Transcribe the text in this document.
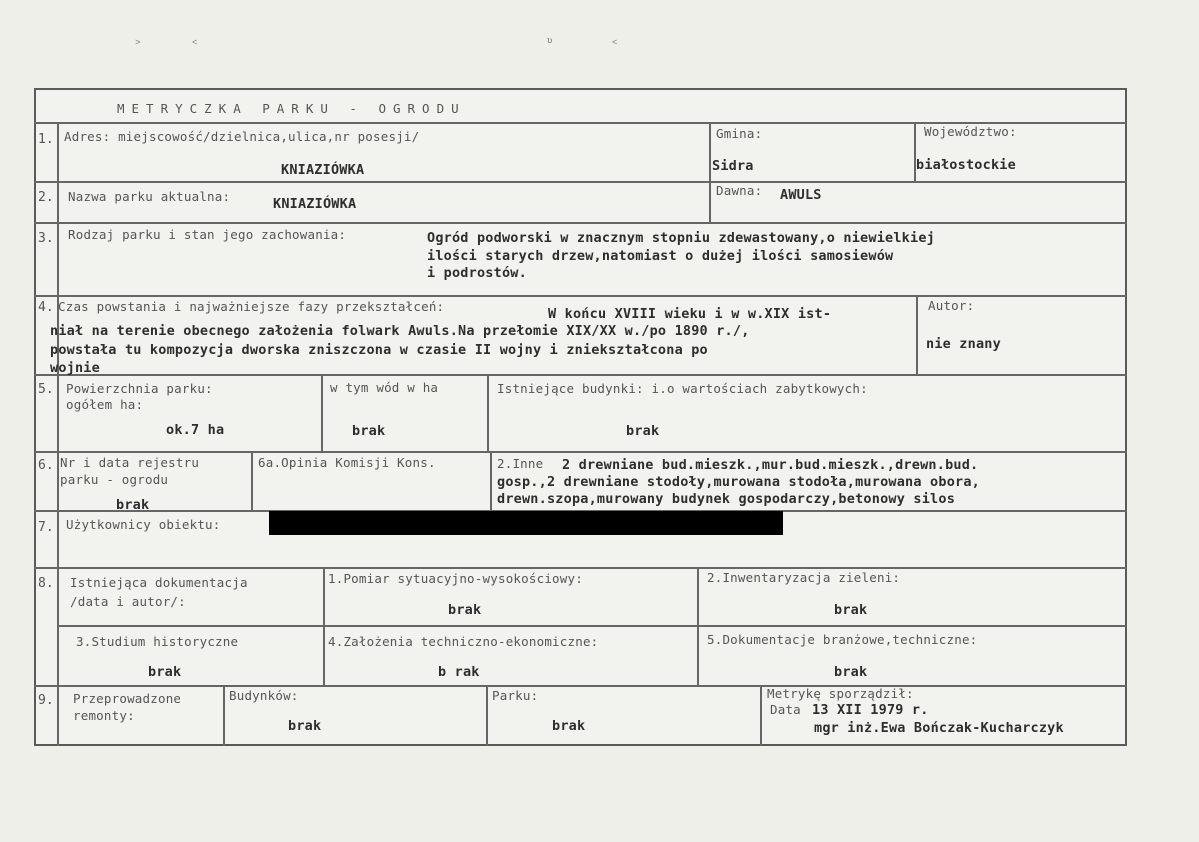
˃	˂	ʋ	˂
METRYCZKA PARKU - OGRODU
1. Adres: miejscowość/dzielnica,ulica,nr posesji/
KNIAZIÓWKA
Gmina:
Sidra
Województwo:
białostockie
2. Nazwa parku aktualna:	KNIAZIÓWKA
Dawna: AWULS
3. Rodzaj parku i stan jego zachowania:	Ogród podworski w znacznym stopniu zdewastowany,o niewielkiej
ilości starych drzew,natomiast o dużej ilości samosiewów
i podrostów.
4. Czas powstania i najważniejsze fazy przekształceń:	W końcu XVIII wieku i w w.XIX ist-
niał na terenie obecnego założenia folwark Awuls.Na przełomie XIX/XX w./po 1890 r./,
powstała tu kompozycja dworska zniszczona w czasie II wojny i zniekształcona po
wojnie
Autor:
nie znany
5. Powierzchnia parku:
ogółem ha:
ok.7 ha
w tym wód w ha
brak
Istniejące budynki: i.o wartościach zabytkowych:
brak
6. Nr i data rejestru
parku - ogrodu
brak
6a.Opinia Komisji Kons.	2.Inne 2 drewniane bud.mieszk.,mur.bud.mieszk.,drewn.bud.
gosp.,2 drewniane stodoły,murowana stodoła,murowana obora,
drewn.szopa,murowany budynek gospodarczy,betonowy silos
7. Użytkownicy obiektu:
8. Istniejąca dokumentacja
/data i autor/:
1.Pomiar sytuacyjno-wysokościowy:
brak
2.Inwentaryzacja zieleni:
brak
3.Studium historyczne
brak
4.Założenia techniczno-ekonomiczne:
b rak
5.Dokumentacje branżowe,techniczne:
brak
9. Przeprowadzone
remonty:
Budynków:
brak
Parku:
brak
Metrykę sporządził:
Data 13 XII 1979 r.
mgr inż.Ewa Bończak-Kucharczyk
